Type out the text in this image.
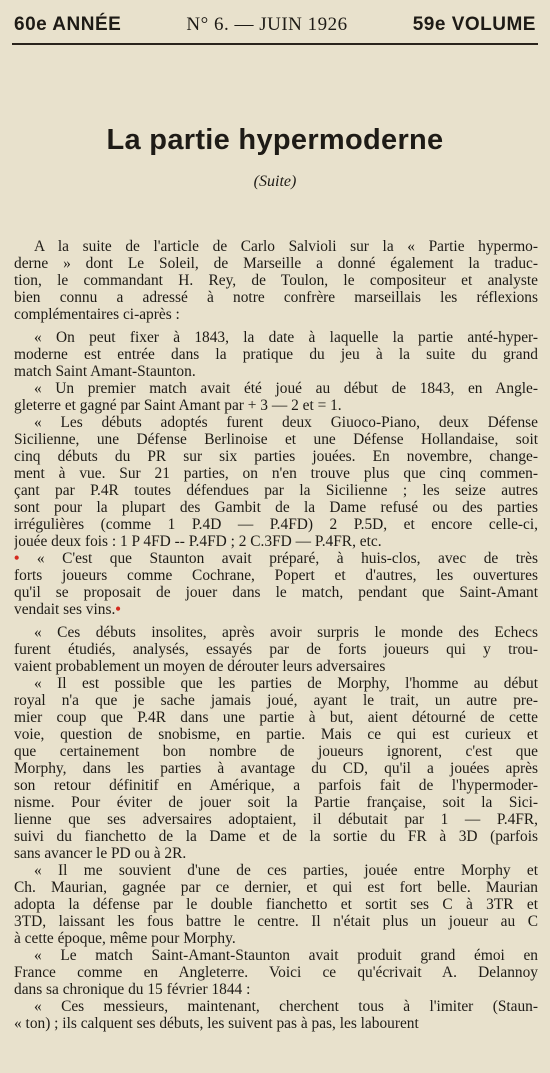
60e ANNÉE	N° 6. — JUIN 1926	59e VOLUME
La partie hypermoderne
(Suite)

A la suite de l'article de Carlo Salvioli sur la « Partie hypermo-
derne » dont Le Soleil, de Marseille a donné également la traduc-
tion, le commandant H. Rey, de Toulon, le compositeur et analyste
bien connu a adressé à notre confrère marseillais les réflexions
complémentaires ci-après :

« On peut fixer à 1843, la date à laquelle la partie anté-hyper-
moderne est entrée dans la pratique du jeu à la suite du grand
match Saint Amant-Staunton.

« Un premier match avait été joué au début de 1843, en Angle-
gleterre et gagné par Saint Amant par + 3 — 2 et = 1.

« Les débuts adoptés furent deux Giuoco-Piano, deux Défense
Sicilienne, une Défense Berlinoise et une Défense Hollandaise, soit
cinq débuts du PR sur six parties jouées. En novembre, change-
ment à vue. Sur 21 parties, on n'en trouve plus que cinq commen-
çant par P.4R toutes défendues par la Sicilienne ; les seize autres
sont pour la plupart des Gambit de la Dame refusé ou des parties
irrégulières (comme 1 P.4D — P.4FD) 2 P.5D, et encore celle-ci,
jouée deux fois : 1 P 4FD -- P.4FD ; 2 C.3FD — P.4FR, etc.

• « C'est que Staunton avait préparé, à huis-clos, avec de très
forts joueurs comme Cochrane, Popert et d'autres, les ouvertures
qu'il se proposait de jouer dans le match, pendant que Saint-Amant
vendait ses vins.•

« Ces débuts insolites, après avoir surpris le monde des Echecs
furent étudiés, analysés, essayés par de forts joueurs qui y trou-
vaient probablement un moyen de dérouter leurs adversaires

« Il est possible que les parties de Morphy, l'homme au début
royal n'a que je sache jamais joué, ayant le trait, un autre pre-
mier coup que P.4R dans une partie à but, aient détourné de cette
voie, question de snobisme, en partie. Mais ce qui est curieux et
que certainement bon nombre de joueurs ignorent, c'est que
Morphy, dans les parties à avantage du CD, qu'il a jouées après
son retour définitif en Amérique, a parfois fait de l'hypermoder-
nisme. Pour éviter de jouer soit la Partie française, soit la Sici-
lienne que ses adversaires adoptaient, il débutait par 1 — P.4FR,
suivi du fianchetto de la Dame et de la sortie du FR à 3D (parfois
sans avancer le PD ou à 2R.

« Il me souvient d'une de ces parties, jouée entre Morphy et
Ch. Maurian, gagnée par ce dernier, et qui est fort belle. Maurian
adopta la défense par le double fianchetto et sortit ses C à 3TR et
3TD, laissant les fous battre le centre. Il n'était plus un joueur au C
à cette époque, même pour Morphy.

« Le match Saint-Amant-Staunton avait produit grand émoi en
France comme en Angleterre. Voici ce qu'écrivait A. Delannoy
dans sa chronique du 15 février 1844 :

« Ces messieurs, maintenant, cherchent tous à l'imiter (Staun-
« ton) ; ils calquent ses débuts, les suivent pas à pas, les labourent
